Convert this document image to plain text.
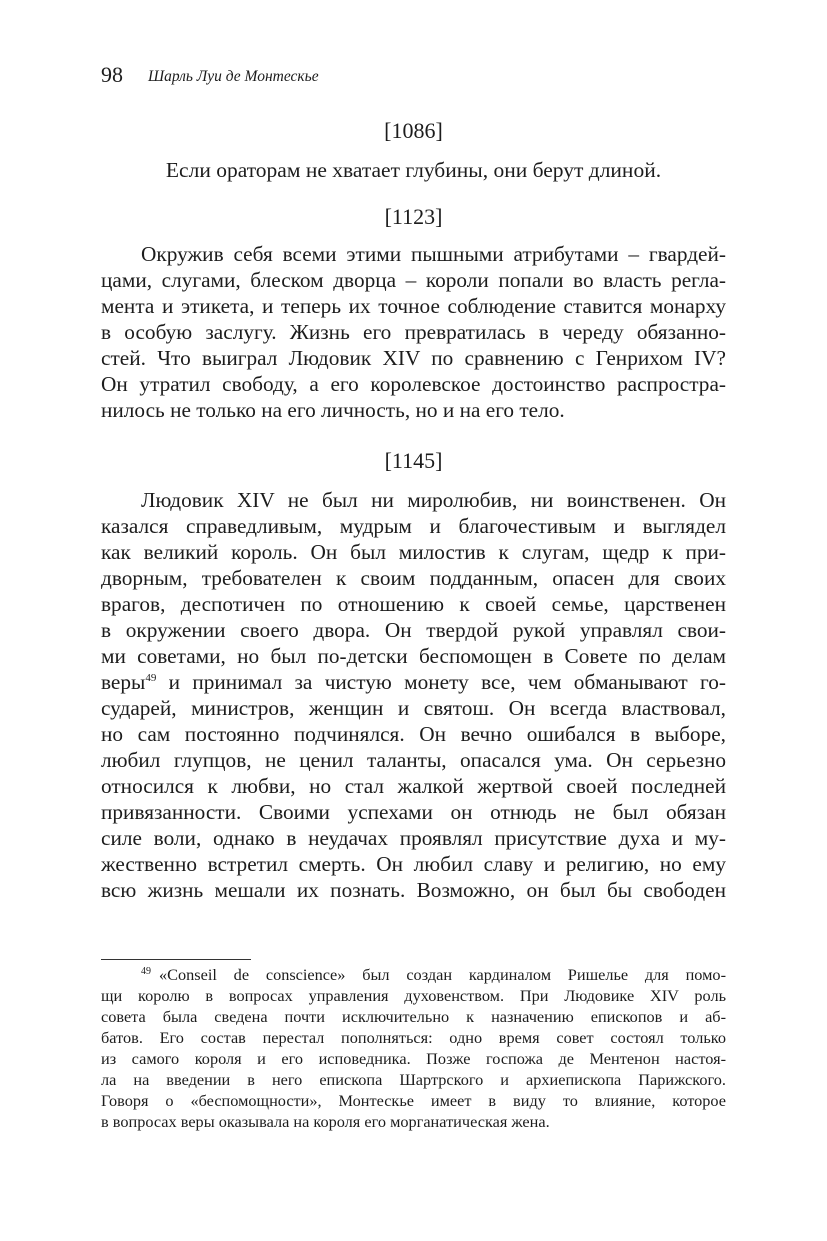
98 Шарль Луи де Монтескье
[1086]
Если ораторам не хватает глубины, они берут длиной.
[1123]
Окружив себя всеми этими пышными атрибутами – гвардей-
цами, слугами, блеском дворца – короли попали во власть регла-
мента и этикета, и теперь их точное соблюдение ставится монарху
в особую заслугу. Жизнь его превратилась в череду обязанно-
стей. Что выиграл Людовик XIV по сравнению с Генрихом IV?
Он утратил свободу, а его королевское достоинство распростра-
нилось не только на его личность, но и на его тело.
[1145]
Людовик XIV не был ни миролюбив, ни воинственен. Он
казался справедливым, мудрым и благочестивым и выглядел
как великий король. Он был милостив к слугам, щедр к при-
дворным, требователен к своим подданным, опасен для своих
врагов, деспотичен по отношению к своей семье, царственен
в окружении своего двора. Он твердой рукой управлял свои-
ми советами, но был по-детски беспомощен в Совете по делам
веры$^{49}$ и принимал за чистую монету все, чем обманывают го-
сударей, министров, женщин и святош. Он всегда властвовал,
но сам постоянно подчинялся. Он вечно ошибался в выборе,
любил глупцов, не ценил таланты, опасался ума. Он серьезно
относился к любви, но стал жалкой жертвой своей последней
привязанности. Своими успехами он отнюдь не был обязан
силе воли, однако в неудачах проявлял присутствие духа и му-
жественно встретил смерть. Он любил славу и религию, но ему
всю жизнь мешали их познать. Возможно, он был бы свободен
$^{49}$ «Conseil de conscience» был создан кардиналом Ришелье для помо-
щи королю в вопросах управления духовенством. При Людовике XIV роль
совета была сведена почти исключительно к назначению епископов и аб-
батов. Его состав перестал пополняться: одно время совет состоял только
из самого короля и его исповедника. Позже госпожа де Ментенон настоя-
ла на введении в него епископа Шартрского и архиепископа Парижского.
Говоря о «беспомощности», Монтескье имеет в виду то влияние, которое
в вопросах веры оказывала на короля его морганатическая жена.
